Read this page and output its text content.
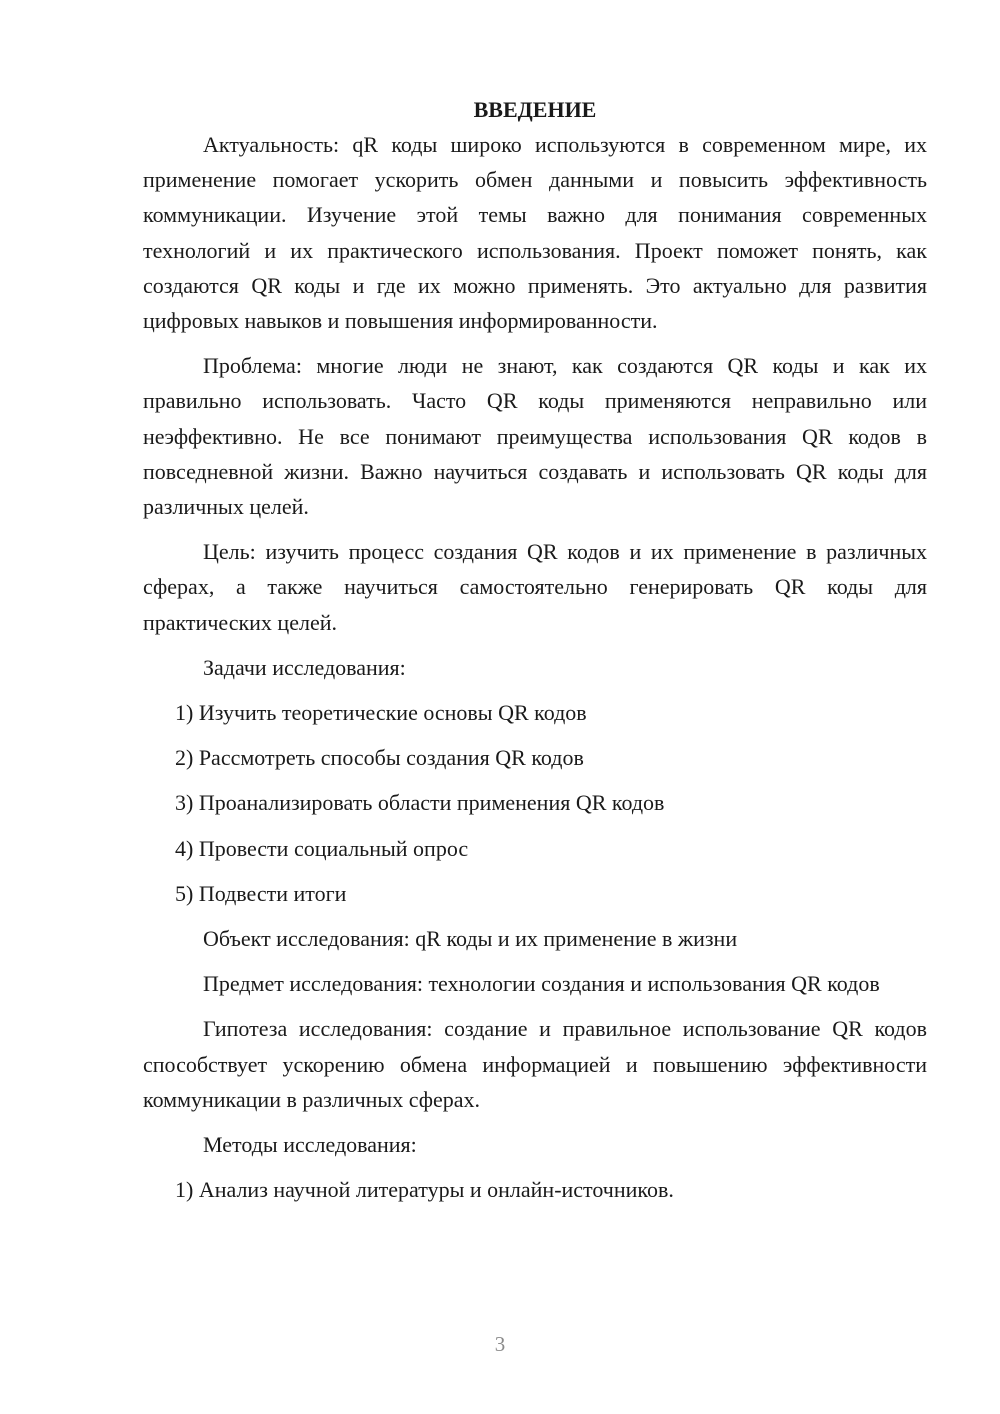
ВВЕДЕНИЕ

Актуальность: qR коды широко используются в современном мире, их применение помогает ускорить обмен данными и повысить эффективность коммуникации. Изучение этой темы важно для понимания современных технологий и их практического использования. Проект поможет понять, как создаются QR коды и где их можно применять. Это актуально для развития цифровых навыков и повышения информированности.

Проблема: многие люди не знают, как создаются QR коды и как их правильно использовать. Часто QR коды применяются неправильно или неэффективно. Не все понимают преимущества использования QR кодов в повседневной жизни. Важно научиться создавать и использовать QR коды для различных целей.

Цель: изучить процесс создания QR кодов и их применение в различных сферах, а также научиться самостоятельно генерировать QR коды для практических целей.

Задачи исследования:

1) Изучить теоретические основы QR кодов

2) Рассмотреть способы создания QR кодов

3) Проанализировать области применения QR кодов

4) Провести социальный опрос

5) Подвести итоги

Объект исследования: qR коды и их применение в жизни

Предмет исследования: технологии создания и использования QR кодов

Гипотеза исследования: создание и правильное использование QR кодов способствует ускорению обмена информацией и повышению эффективности коммуникации в различных сферах.

Методы исследования:

1) Анализ научной литературы и онлайн-источников.

3
